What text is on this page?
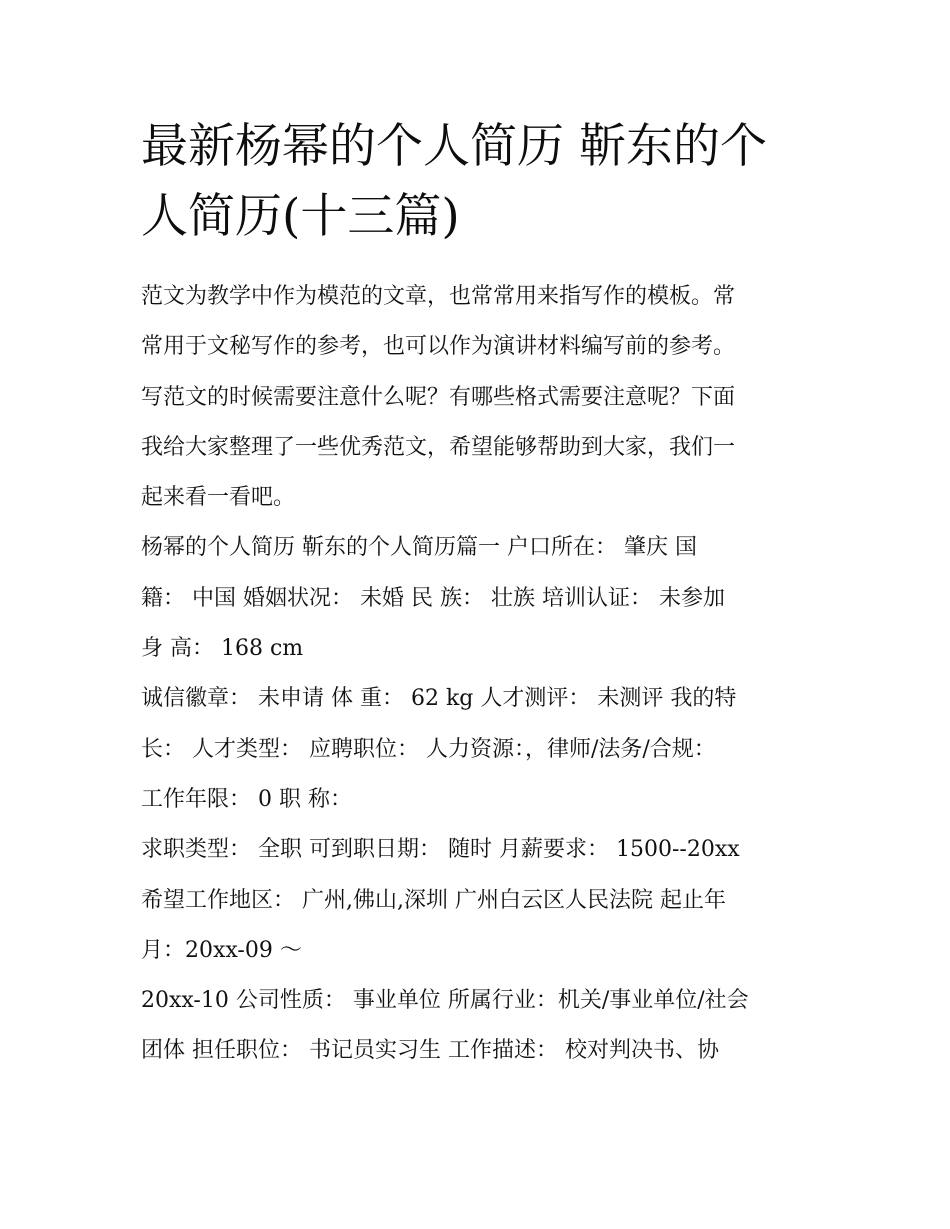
最新杨幂的个人简历 靳东的个
人简历(十三篇)
范文为教学中作为模范的文章，也常常用来指写作的模板。常
常用于文秘写作的参考，也可以作为演讲材料编写前的参考。
写范文的时候需要注意什么呢？有哪些格式需要注意呢？下面
我给大家整理了一些优秀范文，希望能够帮助到大家，我们一
起来看一看吧。
杨幂的个人简历 靳东的个人简历篇一 户口所在： 肇庆 国
籍： 中国 婚姻状况： 未婚 民 族： 壮族 培训认证： 未参加
身 高： 168 cm
诚信徽章： 未申请 体 重： 62 kg 人才测评： 未测评 我的特
长： 人才类型： 应聘职位： 人力资源：，律师/法务/合规：
工作年限： 0 职 称：
求职类型： 全职 可到职日期： 随时 月薪要求： 1500--20xx
希望工作地区： 广州,佛山,深圳 广州白云区人民法院 起止年
月：20xx-09 ～
20xx-10 公司性质： 事业单位 所属行业：机关/事业单位/社会
团体 担任职位： 书记员实习生 工作描述： 校对判决书、协
